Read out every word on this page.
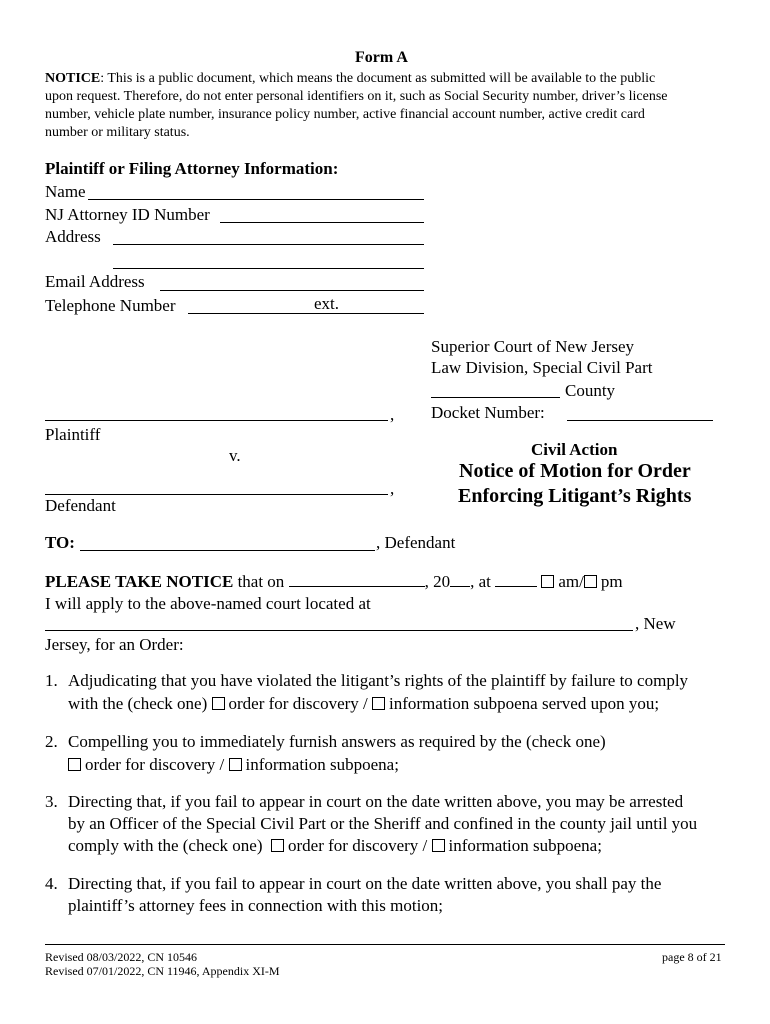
Form A
NOTICE: This is a public document, which means the document as submitted will be available to the public
upon request. Therefore, do not enter personal identifiers on it, such as Social Security number, driver’s license
number, vehicle plate number, insurance policy number, active financial account number, active credit card
number or military status.
Plaintiff or Filing Attorney Information:
Name
NJ Attorney ID Number
Address
Email Address
Telephone Number	ext.
Superior Court of New Jersey
Law Division, Special Civil Part
County
Docket Number:
,
Plaintiff
v.
,
Defendant
Civil Action
Notice of Motion for Order
Enforcing Litigant’s Rights
TO:	, Defendant
PLEASE TAKE NOTICE that on	, 20 , at	am/ pm
I will apply to the above-named court located at
, New
Jersey, for an Order:
1. Adjudicating that you have violated the litigant’s rights of the plaintiff by failure to comply
with the (check one) order for discovery / information subpoena served upon you;
2. Compelling you to immediately furnish answers as required by the (check one)
order for discovery / information subpoena;
3. Directing that, if you fail to appear in court on the date written above, you may be arrested
by an Officer of the Special Civil Part or the Sheriff and confined in the county jail until you
comply with the (check one) order for discovery / information subpoena;
4. Directing that, if you fail to appear in court on the date written above, you shall pay the
plaintiff’s attorney fees in connection with this motion;
Revised 08/03/2022, CN 10546
Revised 07/01/2022, CN 11946, Appendix XI-M
page 8 of 21
